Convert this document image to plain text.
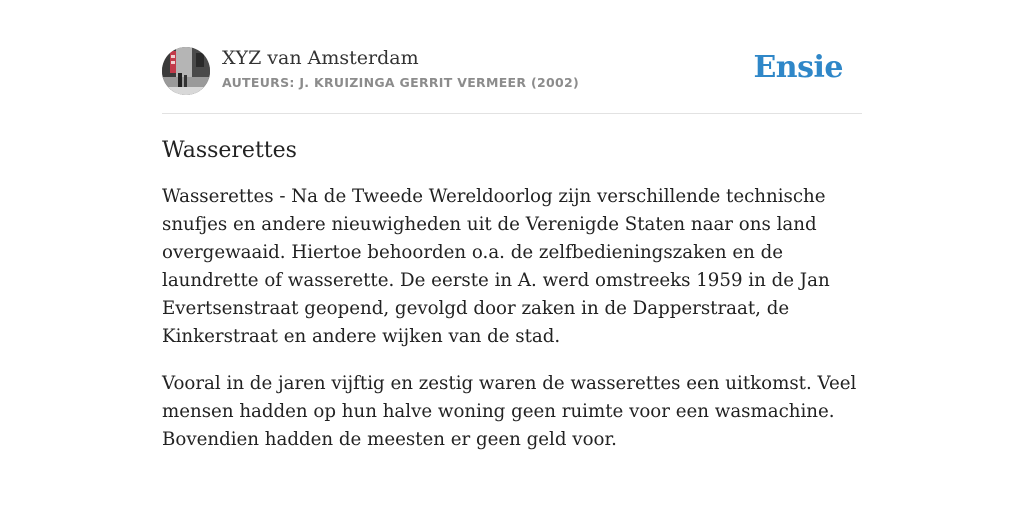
XYZ van Amsterdam
AUTEURS: J. KRUIZINGA GERRIT VERMEER (2002)	Ensie
Wasserettes

Wasserettes - Na de Tweede Wereldoorlog zijn verschillende technische snufjes en andere nieuwigheden uit de Verenigde Staten naar ons land overgewaaid. Hiertoe behoorden o.a. de zelfbedieningszaken en de laundrette of wasserette. De eerste in A. werd omstreeks 1959 in de Jan Evertsenstraat geopend, gevolgd door zaken in de Dapperstraat, de Kinkerstraat en andere wijken van de stad.

Vooral in de jaren vijftig en zestig waren de wasserettes een uitkomst. Veel mensen hadden op hun halve woning geen ruimte voor een wasmachine. Bovendien hadden de meesten er geen geld voor.
